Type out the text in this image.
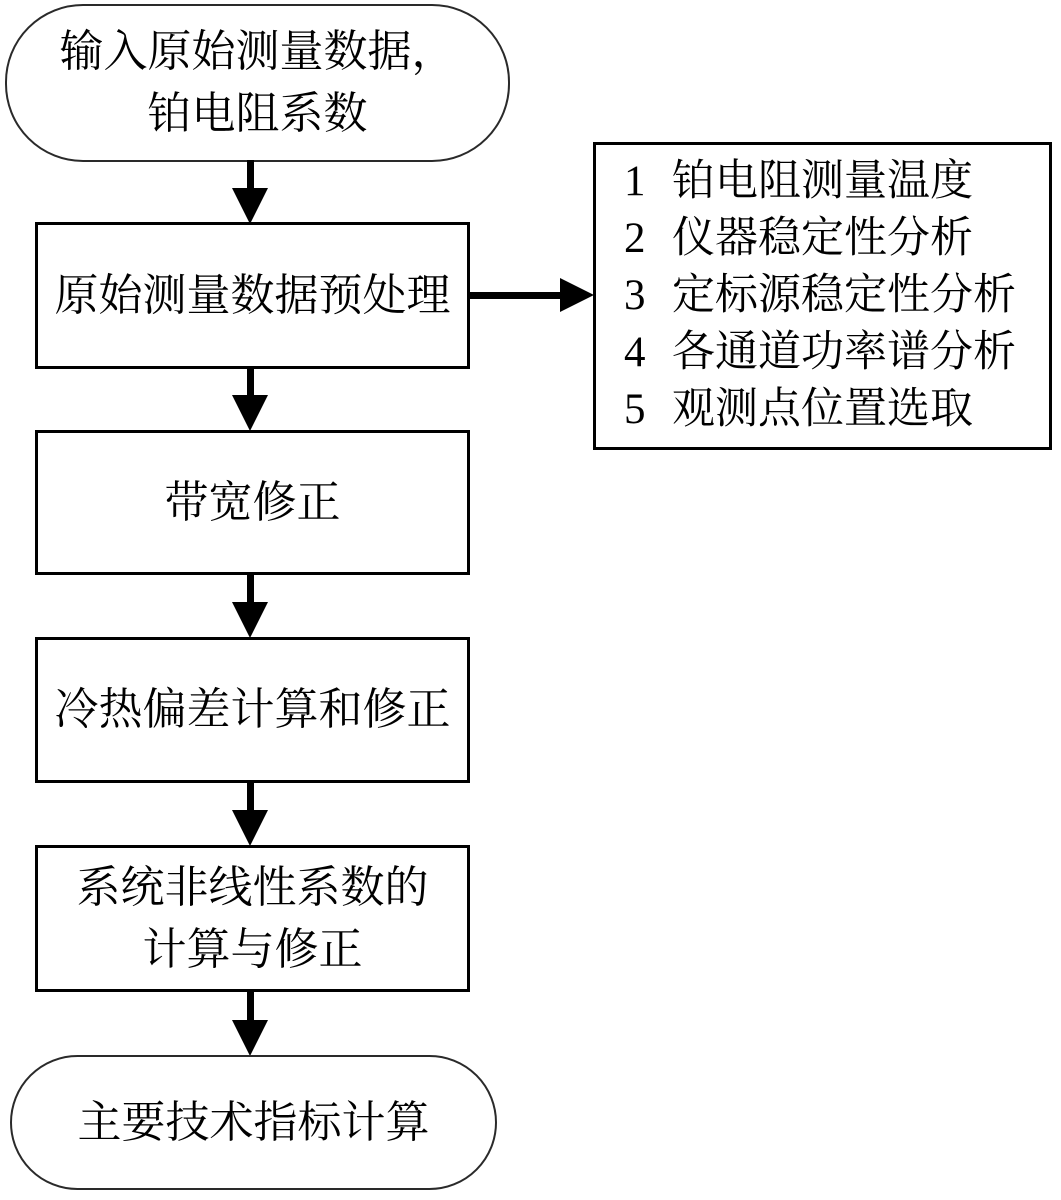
输入原始测量数据，
铂电阻系数
原始测量数据预处理
1 铂电阻测量温度
2 仪器稳定性分析
3 定标源稳定性分析
4 各通道功率谱分析
5 观测点位置选取
带宽修正
冷热偏差计算和修正
系统非线性系数的
计算与修正
主要技术指标计算
